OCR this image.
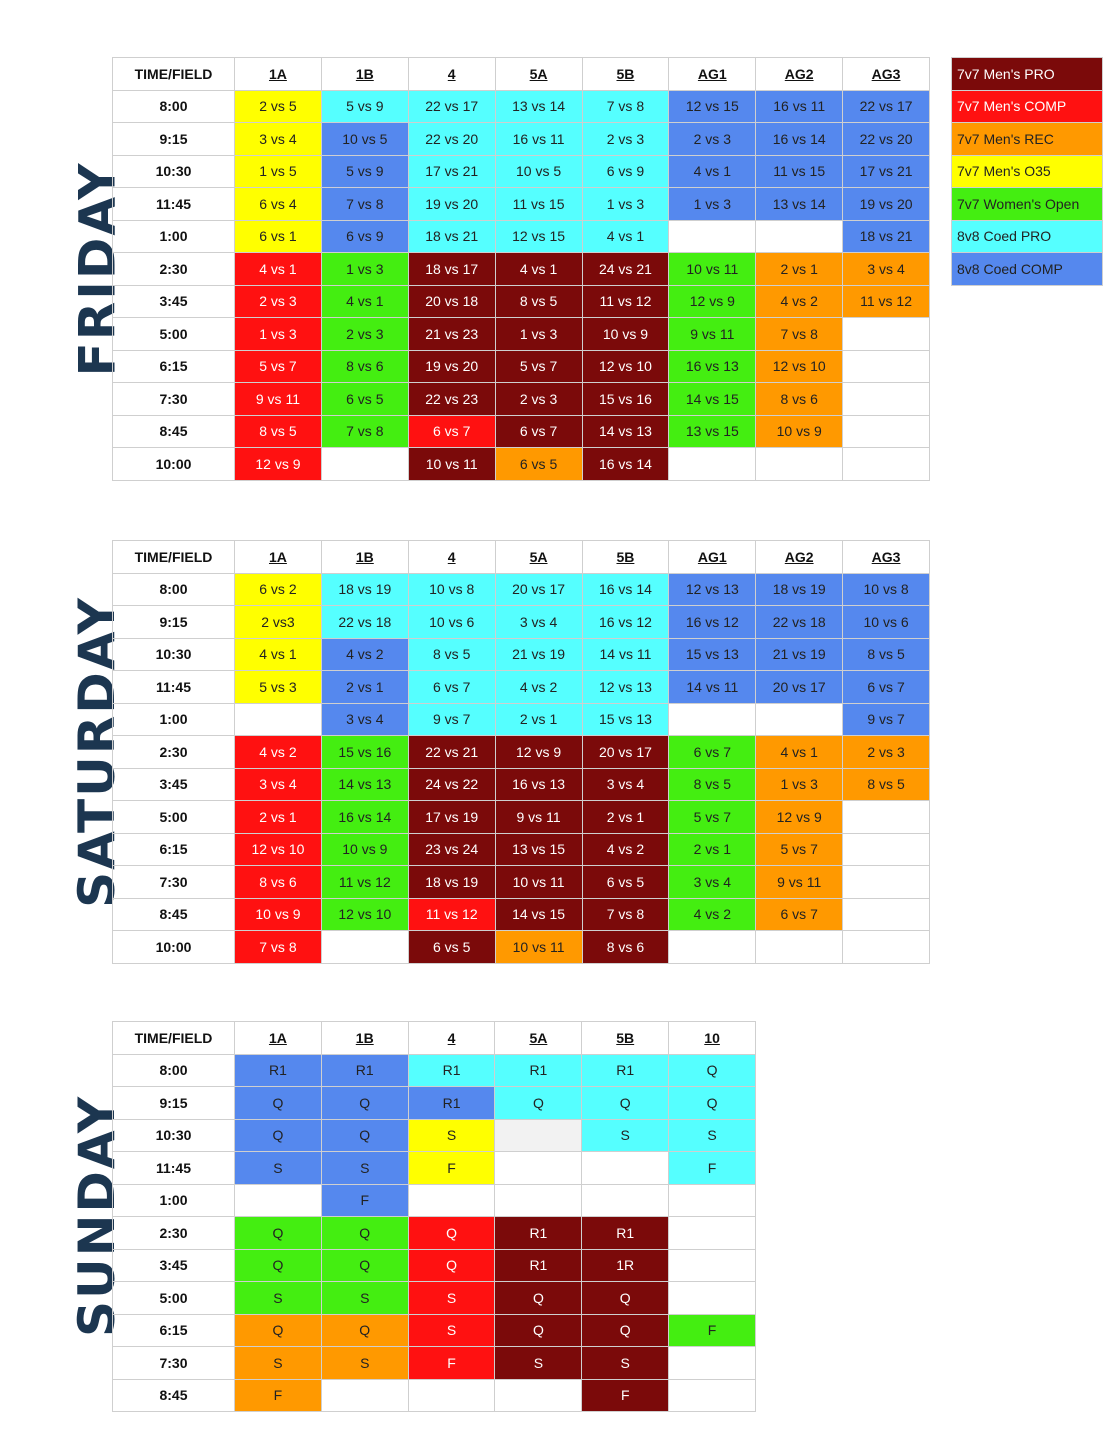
7v7 Men's PRO
7v7 Men's COMP
7v7 Men's REC
7v7 Men's O35
7v7 Women's Open
8v8 Coed PRO
8v8 Coed COMP
FRIDAY
TIME/FIELD	1A	1B	4	5A	5B	AG1	AG2	AG3
8:00	2 vs 5	5 vs 9	22 vs 17	13 vs 14	7 vs 8	12 vs 15	16 vs 11	22 vs 17
9:15	3 vs 4	10 vs 5	22 vs 20	16 vs 11	2 vs 3	2 vs 3	16 vs 14	22 vs 20
10:30	1 vs 5	5 vs 9	17 vs 21	10 vs 5	6 vs 9	4 vs 1	11 vs 15	17 vs 21
11:45	6 vs 4	7 vs 8	19 vs 20	11 vs 15	1 vs 3	1 vs 3	13 vs 14	19 vs 20
1:00	6 vs 1	6 vs 9	18 vs 21	12 vs 15	4 vs 1			18 vs 21
2:30	4 vs 1	1 vs 3	18 vs 17	4 vs 1	24 vs 21	10 vs 11	2 vs 1	3 vs 4
3:45	2 vs 3	4 vs 1	20 vs 18	8 vs 5	11 vs 12	12 vs 9	4 vs 2	11 vs 12
5:00	1 vs 3	2 vs 3	21 vs 23	1 vs 3	10 vs 9	9 vs 11	7 vs 8	
6:15	5 vs 7	8 vs 6	19 vs 20	5 vs 7	12 vs 10	16 vs 13	12 vs 10	
7:30	9 vs 11	6 vs 5	22 vs 23	2 vs 3	15 vs 16	14 vs 15	8 vs 6	
8:45	8 vs 5	7 vs 8	6 vs 7	6 vs 7	14 vs 13	13 vs 15	10 vs 9	
10:00	12 vs 9		10 vs 11	6 vs 5	16 vs 14			
SATURDAY
TIME/FIELD	1A	1B	4	5A	5B	AG1	AG2	AG3
8:00	6 vs 2	18 vs 19	10 vs 8	20 vs 17	16 vs 14	12 vs 13	18 vs 19	10 vs 8
9:15	2 vs3	22 vs 18	10 vs 6	3 vs 4	16 vs 12	16 vs 12	22 vs 18	10 vs 6
10:30	4 vs 1	4 vs 2	8 vs 5	21 vs 19	14 vs 11	15 vs 13	21 vs 19	8 vs 5
11:45	5 vs 3	2 vs 1	6 vs 7	4 vs 2	12 vs 13	14 vs 11	20 vs 17	6 vs 7
1:00		3 vs 4	9 vs 7	2 vs 1	15 vs 13			9 vs 7
2:30	4 vs 2	15 vs 16	22 vs 21	12 vs 9	20 vs 17	6 vs 7	4 vs 1	2 vs 3
3:45	3 vs 4	14 vs 13	24 vs 22	16 vs 13	3 vs 4	8 vs 5	1 vs 3	8 vs 5
5:00	2 vs 1	16 vs 14	17 vs 19	9 vs 11	2 vs 1	5 vs 7	12 vs 9	
6:15	12 vs 10	10 vs 9	23 vs 24	13 vs 15	4 vs 2	2 vs 1	5 vs 7	
7:30	8 vs 6	11 vs 12	18 vs 19	10 vs 11	6 vs 5	3 vs 4	9 vs 11	
8:45	10 vs 9	12 vs 10	11 vs 12	14 vs 15	7 vs 8	4 vs 2	6 vs 7	
10:00	7 vs 8		6 vs 5	10 vs 11	8 vs 6			
SUNDAY
TIME/FIELD	1A	1B	4	5A	5B	10
8:00	R1	R1	R1	R1	R1	Q
9:15	Q	Q	R1	Q	Q	Q
10:30	Q	Q	S		S	S
11:45	S	S	F			F
1:00		F				
2:30	Q	Q	Q	R1	R1	
3:45	Q	Q	Q	R1	1R	
5:00	S	S	S	Q	Q	
6:15	Q	Q	S	Q	Q	F
7:30	S	S	F	S	S	
8:45	F				F	
